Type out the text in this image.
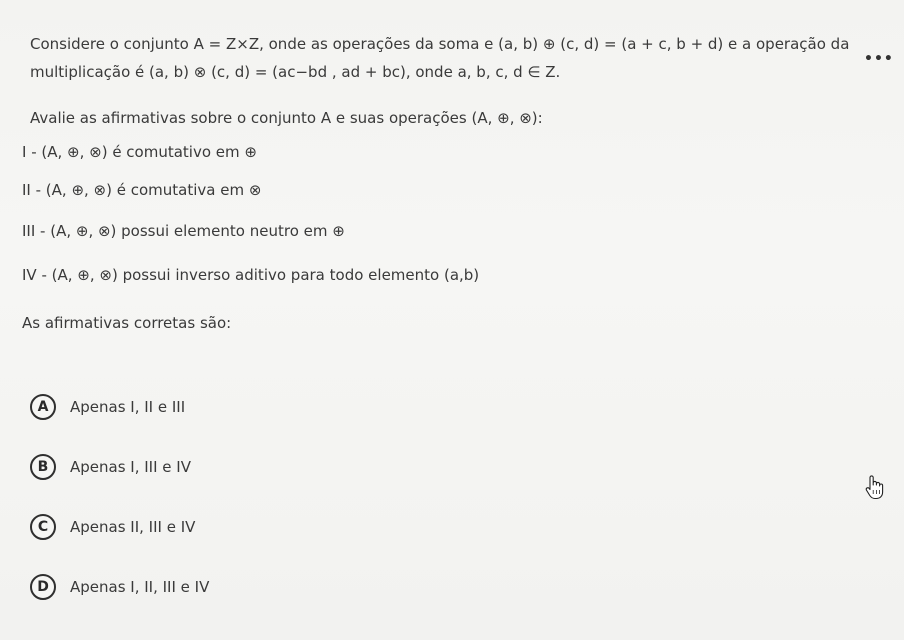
Considere o conjunto A = Z×Z, onde as operações da soma e (a, b) ⊕ (c, d) = (a + c, b + d) e a operação da
•••
multiplicação é (a, b) ⊗ (c, d) = (ac−bd , ad + bc), onde a, b, c, d ∈ Z.
Avalie as afirmativas sobre o conjunto A e suas operações (A, ⊕, ⊗):
I - (A, ⊕, ⊗) é comutativo em ⊕
II - (A, ⊕, ⊗) é comutativa em ⊗
III - (A, ⊕, ⊗) possui elemento neutro em ⊕
IV - (A, ⊕, ⊗) possui inverso aditivo para todo elemento (a,b)
As afirmativas corretas são:
A	Apenas I, II e III
B	Apenas I, III e IV
C	Apenas II, III e IV
D	Apenas I, II, III e IV
